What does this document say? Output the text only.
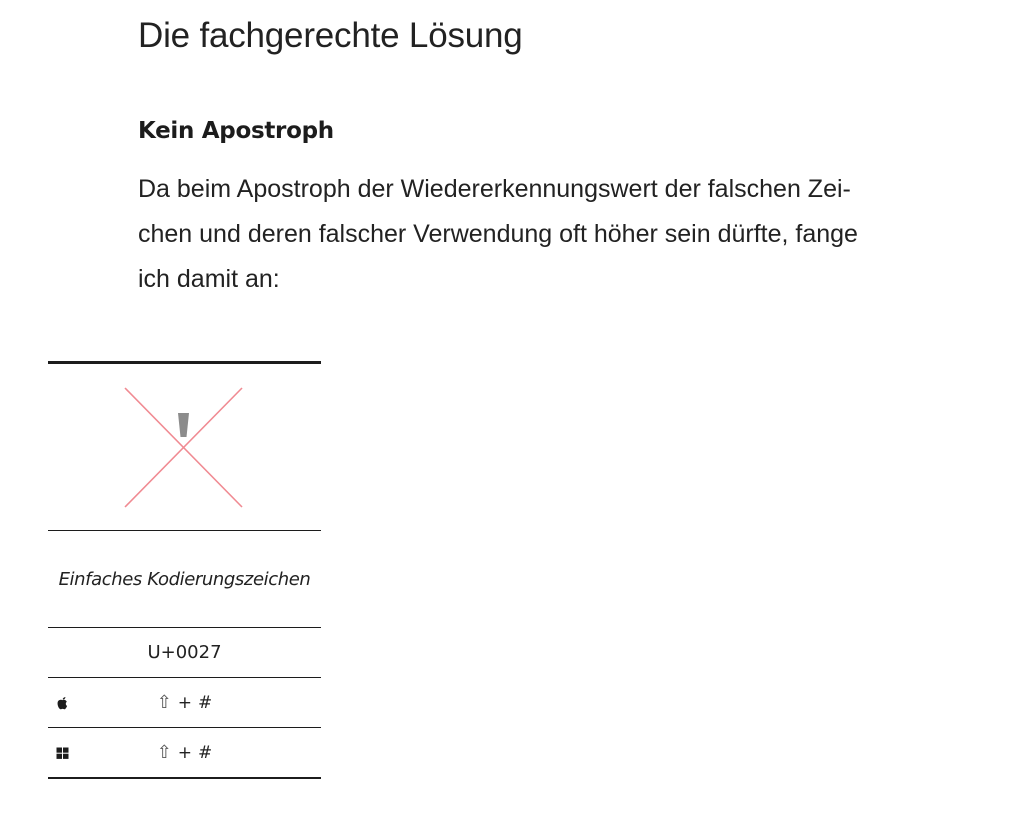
Die fachgerechte Lösung
Kein Apostroph

Da beim Apostroph der Wiedererkennungswert der falschen Zei-
chen und deren falscher Verwendung oft höher sein dürfte, fange
ich damit an:

Einfaches Kodierungszeichen
U+0027
⇧ + #
⇧ + #
